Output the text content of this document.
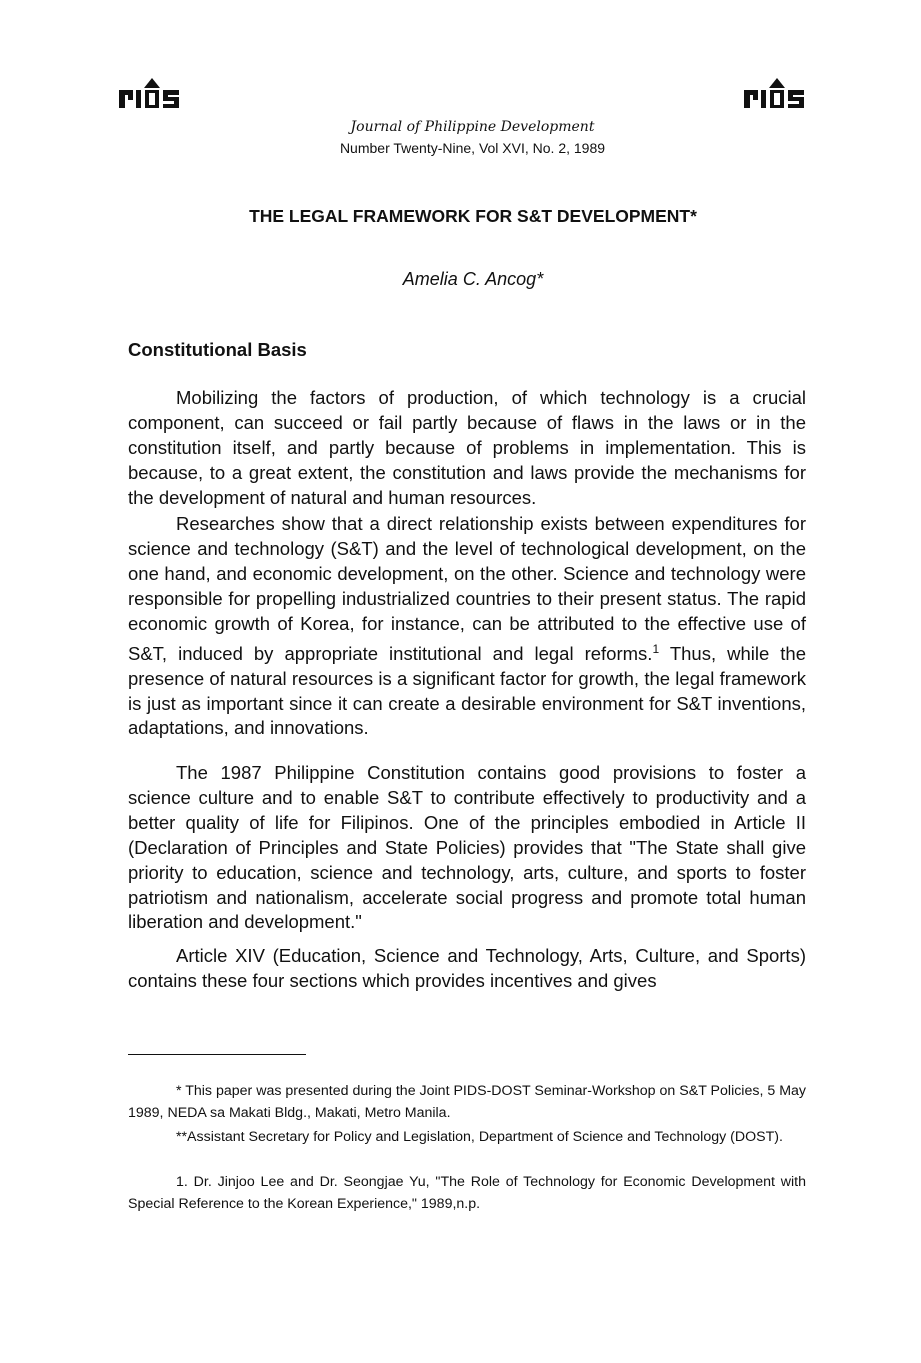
Journal of Philippine Development
Number Twenty-Nine, Vol XVI, No. 2, 1989
THE LEGAL FRAMEWORK FOR S&T DEVELOPMENT*
Amelia C. Ancog*
Constitutional Basis

Mobilizing the factors of production, of which technology is a crucial component, can succeed or fail partly because of flaws in the laws or in the constitution itself, and partly because of problems in implementation. This is because, to a great extent, the constitution and laws provide the mechanisms for the development of natural and human resources.

Researches show that a direct relationship exists between expenditures for science and technology (S&T) and the level of technological development, on the one hand, and economic development, on the other. Science and technology were responsible for propelling industrialized countries to their present status. The rapid economic growth of Korea, for instance, can be attributed to the effective use of S&T, induced by appropriate institutional and legal reforms.$^1$ Thus, while the presence of natural resources is a significant factor for growth, the legal framework is just as important since it can create a desirable environment for S&T inventions, adaptations, and innovations.

The 1987 Philippine Constitution contains good provisions to foster a science culture and to enable S&T to contribute effectively to productivity and a better quality of life for Filipinos. One of the principles embodied in Article II (Declaration of Principles and State Policies) provides that "The State shall give priority to education, science and technology, arts, culture, and sports to foster patriotism and nationalism, accelerate social progress and promote total human liberation and development."

Article XIV (Education, Science and Technology, Arts, Culture, and Sports) contains these four sections which provides incentives and gives

* This paper was presented during the Joint PIDS-DOST Seminar-Workshop on S&T Policies, 5 May 1989, NEDA sa Makati Bldg., Makati, Metro Manila.

**Assistant Secretary for Policy and Legislation, Department of Science and Technology (DOST).

1. Dr. Jinjoo Lee and Dr. Seongjae Yu, "The Role of Technology for Economic Development with Special Reference to the Korean Experience," 1989,n.p.
